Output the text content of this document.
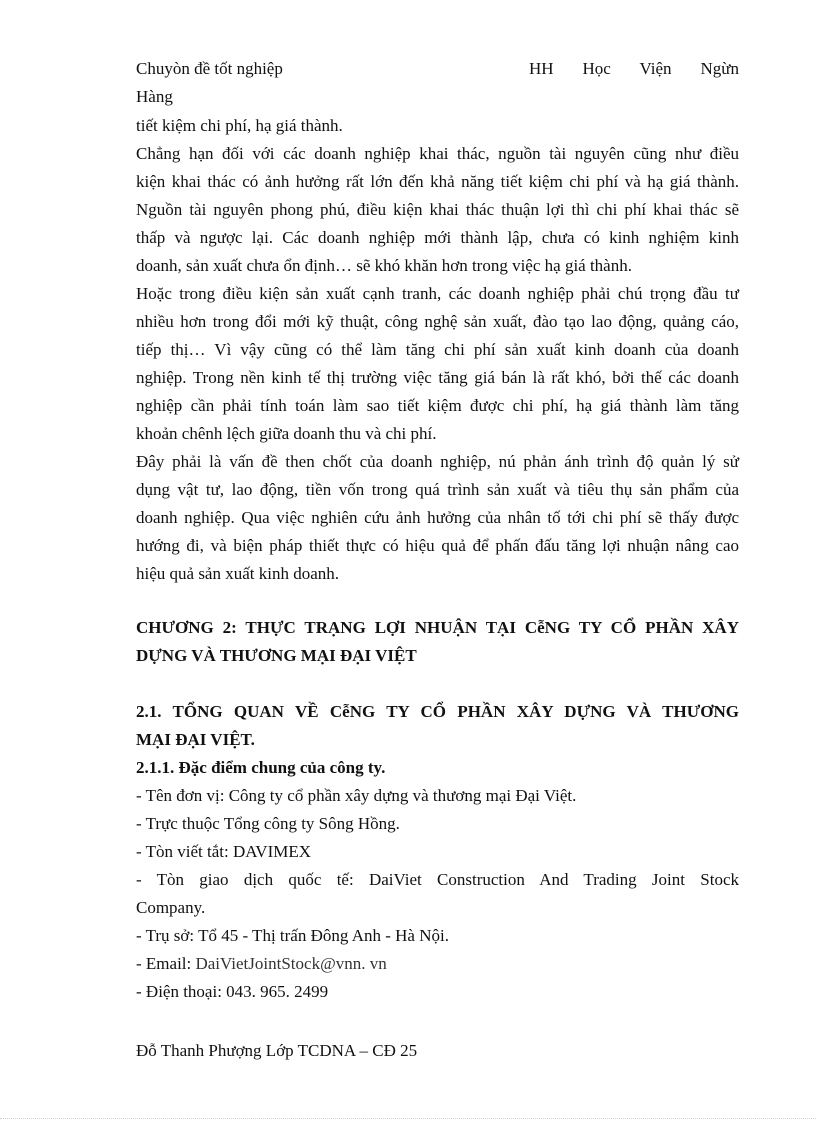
Chuyòn đề tốt nghiệp	HH Học Viện Ngừn
Hàng
tiết kiệm chi phí, hạ giá thành.
Chẳng hạn đối với các doanh nghiệp khai thác, nguồn tài nguyên cũng như điều
kiện khai thác có ảnh hưởng rất lớn đến khả năng tiết kiệm chi phí và hạ giá thành.
Nguồn tài nguyên phong phú, điều kiện khai thác thuận lợi thì chi phí khai thác sẽ
thấp và ngược lại. Các doanh nghiệp mới thành lập, chưa có kinh nghiệm kinh
doanh, sản xuất chưa ổn định… sẽ khó khăn hơn trong việc hạ giá thành.
Hoặc trong điều kiện sản xuất cạnh tranh, các doanh nghiệp phải chú trọng đầu tư
nhiều hơn trong đổi mới kỹ thuật, công nghệ sản xuất, đào tạo lao động, quảng cáo,
tiếp thị… Vì vậy cũng có thể làm tăng chi phí sản xuất kinh doanh của doanh
nghiệp. Trong nền kinh tế thị trường việc tăng giá bán là rất khó, bởi thế các doanh
nghiệp cần phải tính toán làm sao tiết kiệm được chi phí, hạ giá thành làm tăng
khoản chênh lệch giữa doanh thu và chi phí.
Đây phải là vấn đề then chốt của doanh nghiệp, nú phản ánh trình độ quản lý sử
dụng vật tư, lao động, tiền vốn trong quá trình sản xuất và tiêu thụ sản phẩm của
doanh nghiệp. Qua việc nghiên cứu ảnh hưởng của nhân tố tới chi phí sẽ thấy được
hướng đi, và biện pháp thiết thực có hiệu quả để phấn đấu tăng lợi nhuận nâng cao
hiệu quả sản xuất kinh doanh.
CHƯƠNG 2: THỰC TRẠNG LỢI NHUẬN TẠI CễNG TY CỔ PHẦN XÂY
DỰNG VÀ THƯƠNG MẠI ĐẠI VIỆT
2.1. TỔNG QUAN VỀ CễNG TY CỔ PHẦN XÂY DỰNG VÀ THƯƠNG
MẠI ĐẠI VIỆT.
2.1.1. Đặc điểm chung của công ty.
- Tên đơn vị: Công ty cổ phần xây dựng và thương mại Đại Việt.
- Trực thuộc Tổng công ty Sông Hồng.
- Tòn viết tắt: DAVIMEX
- Tòn giao dịch quốc tế: DaiViet Construction And Trading Joint Stock
Company.
- Trụ sở: Tổ 45 - Thị trấn Đông Anh - Hà Nội.
- Email: DaiVietJointStock@vnn. vn
- Điện thoại: 043. 965. 2499
Đỗ Thanh Phượng Lớp TCDNA – CĐ 25
